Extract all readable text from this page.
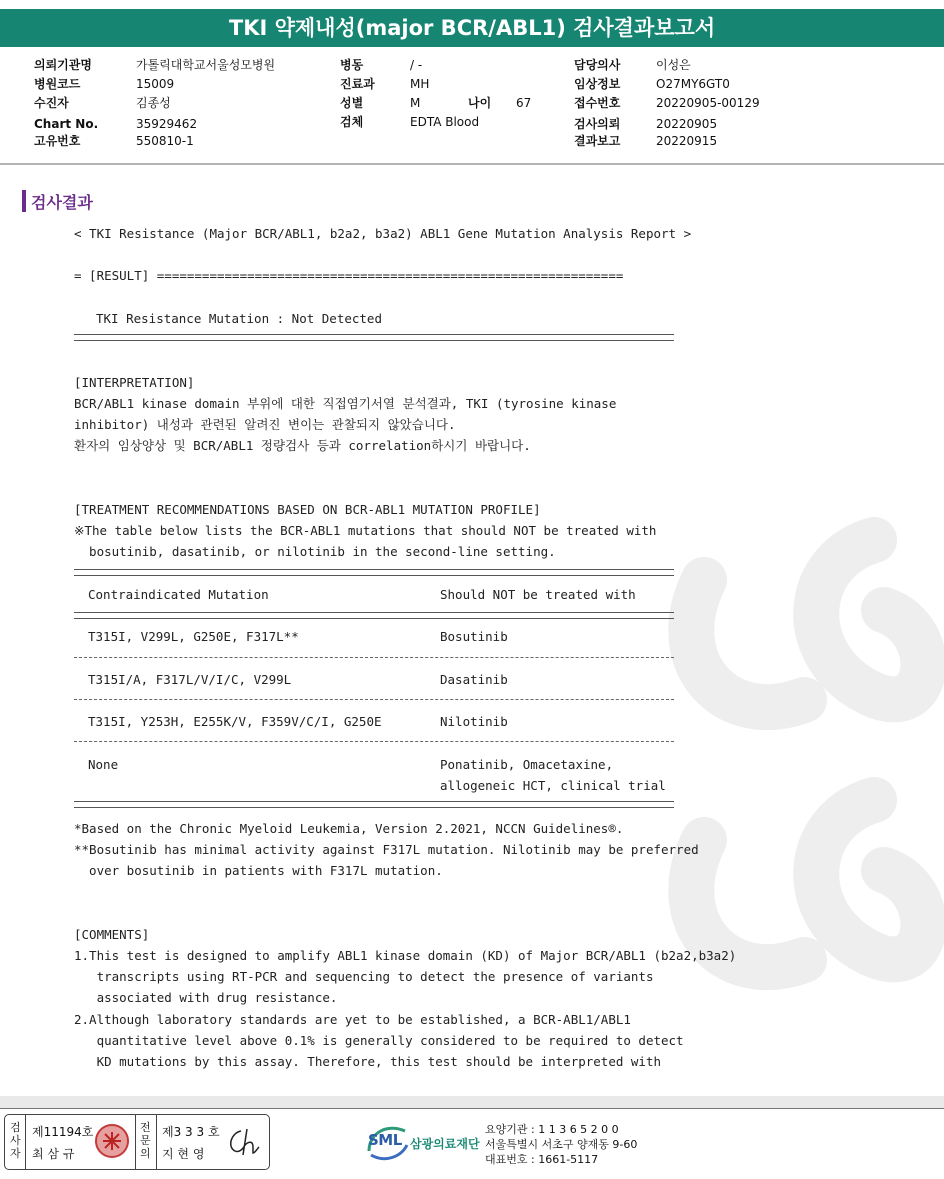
TKI 약제내성(major BCR/ABL1) 검사결과보고서
의뢰기관명	가톨릭대학교서울성모병원
병원코드	15009
수진자	김종성
Chart No.	35929462
고유번호	550810-1
병동	/ -
진료과	MH
성별	M	나이 67
검체	EDTA Blood
담당의사	이성은
임상정보	O27MY6GT0
접수번호	20220905-00129
검사의뢰	20220905
결과보고	20220915
검사결과
< TKI Resistance (Major BCR/ABL1, b2a2, b3a2) ABL1 Gene Mutation Analysis Report >
= [RESULT] ==============================================================
TKI Resistance Mutation : Not Detected
[INTERPRETATION]
BCR/ABL1 kinase domain 부위에 대한 직접염기서열 분석결과, TKI (tyrosine kinase
inhibitor) 내성과 관련된 알려진 변이는 관찰되지 않았습니다.
환자의 임상양상 및 BCR/ABL1 정량검사 등과 correlation하시기 바랍니다.
[TREATMENT RECOMMENDATIONS BASED ON BCR-ABL1 MUTATION PROFILE]
※The table below lists the BCR-ABL1 mutations that should NOT be treated with
bosutinib, dasatinib, or nilotinib in the second-line setting.
Contraindicated Mutation	Should NOT be treated with
T315I, V299L, G250E, F317L**	Bosutinib
T315I/A, F317L/V/I/C, V299L	Dasatinib
T315I, Y253H, E255K/V, F359V/C/I, G250E	Nilotinib
None	Ponatinib, Omacetaxine,
allogeneic HCT, clinical trial
*Based on the Chronic Myeloid Leukemia, Version 2.2021, NCCN Guidelines®.
**Bosutinib has minimal activity against F317L mutation. Nilotinib may be preferred
over bosutinib in patients with F317L mutation.
[COMMENTS]
1.This test is designed to amplify ABL1 kinase domain (KD) of Major BCR/ABL1 (b2a2,b3a2)
transcripts using RT-PCR and sequencing to detect the presence of variants
associated with drug resistance.
2.Although laboratory standards are yet to be established, a BCR-ABL1/ABL1
quantitative level above 0.1% is generally considered to be required to detect
KD mutations by this assay. Therefore, this test should be interpreted with
검
사
자
제11194호
최 삼 규
전
문
의
제3 3 3 호
지 현 영
SML 삼광의료재단
요양기관 : 1 1 3 6 5 2 0 0
서울특별시 서초구 양재동 9-60
대표번호 : 1661-5117
